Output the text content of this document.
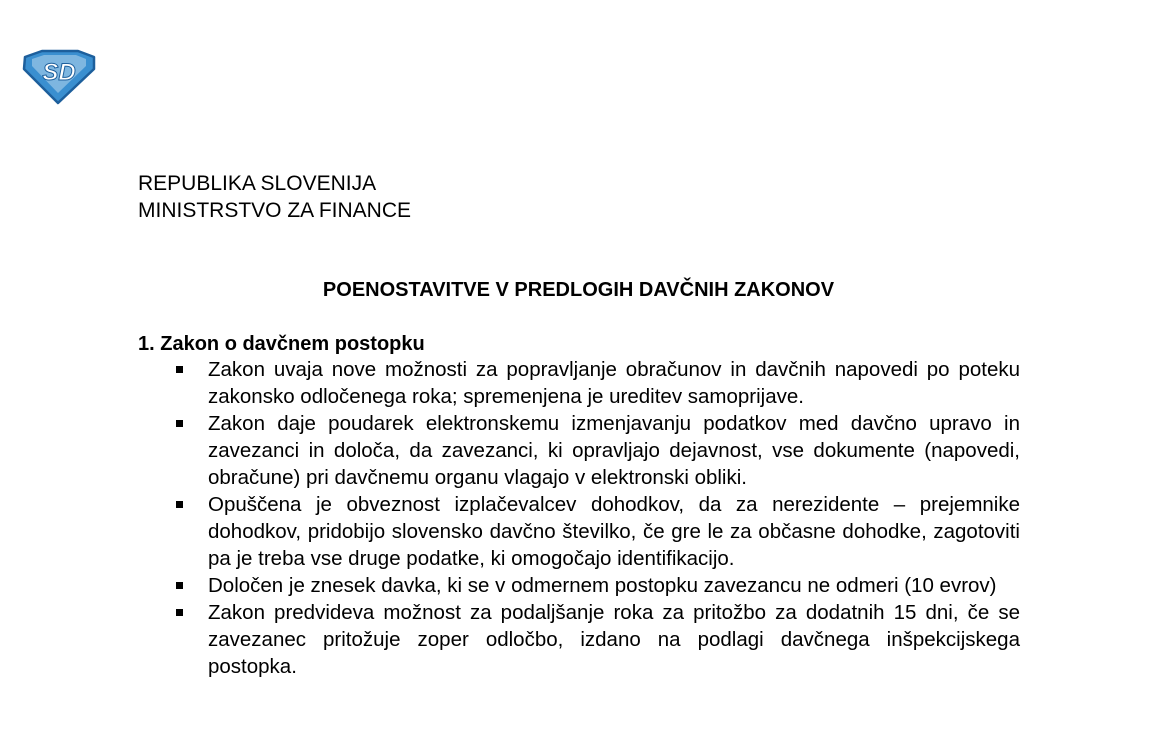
SD
REPUBLIKA SLOVENIJA
MINISTRSTVO ZA FINANCE
POENOSTAVITVE V PREDLOGIH DAVČNIH ZAKONOV
1. Zakon o davčnem postopku
Zakon uvaja nove možnosti za popravljanje obračunov in davčnih napovedi po poteku zakonsko odločenega roka; spremenjena je ureditev samoprijave.
Zakon daje poudarek elektronskemu izmenjavanju podatkov med davčno upravo in zavezanci in določa, da zavezanci, ki opravljajo dejavnost, vse dokumente (napovedi, obračune) pri davčnemu organu vlagajo v elektronski obliki.
Opuščena je obveznost izplačevalcev dohodkov, da za nerezidente – prejemnike dohodkov, pridobijo slovensko davčno številko, če gre le za občasne dohodke, zagotoviti pa je treba vse druge podatke, ki omogočajo identifikacijo.
Določen je znesek davka, ki se v odmernem postopku zavezancu ne odmeri (10 evrov)
Zakon predvideva možnost za podaljšanje roka za pritožbo za dodatnih 15 dni, če se zavezanec pritožuje zoper odločbo, izdano na podlagi davčnega inšpekcijskega postopka.
